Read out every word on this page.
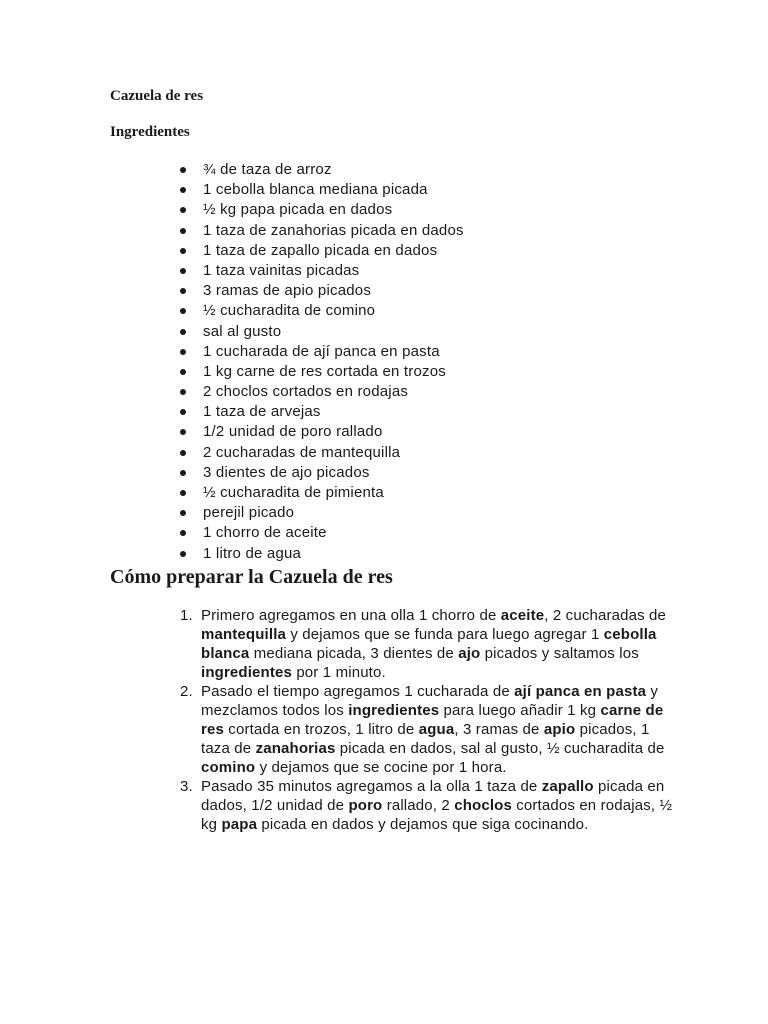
Cazuela de res
Ingredientes
¾ de taza de arroz
1 cebolla blanca mediana picada
½ kg papa picada en dados
1 taza de zanahorias picada en dados
1 taza de zapallo picada en dados
1 taza vainitas picadas
3 ramas de apio picados
½ cucharadita de comino
sal al gusto
1 cucharada de ají panca en pasta
1 kg carne de res cortada en trozos
2 choclos cortados en rodajas
1 taza de arvejas
1/2 unidad de poro rallado
2 cucharadas de mantequilla
3 dientes de ajo picados
½ cucharadita de pimienta
perejil picado
1 chorro de aceite
1 litro de agua
Cómo preparar la Cazuela de res
1. Primero agregamos en una olla 1 chorro de aceite, 2 cucharadas de mantequilla y dejamos que se funda para luego agregar 1 cebolla blanca mediana picada, 3 dientes de ajo picados y saltamos los ingredientes por 1 minuto.
2. Pasado el tiempo agregamos 1 cucharada de ají panca en pasta y mezclamos todos los ingredientes para luego añadir 1 kg carne de res cortada en trozos, 1 litro de agua, 3 ramas de apio picados, 1 taza de zanahorias picada en dados, sal al gusto, ½ cucharadita de comino y dejamos que se cocine por 1 hora.
3. Pasado 35 minutos agregamos a la olla 1 taza de zapallo picada en dados, 1/2 unidad de poro rallado, 2 choclos cortados en rodajas, ½ kg papa picada en dados y dejamos que siga cocinando.
